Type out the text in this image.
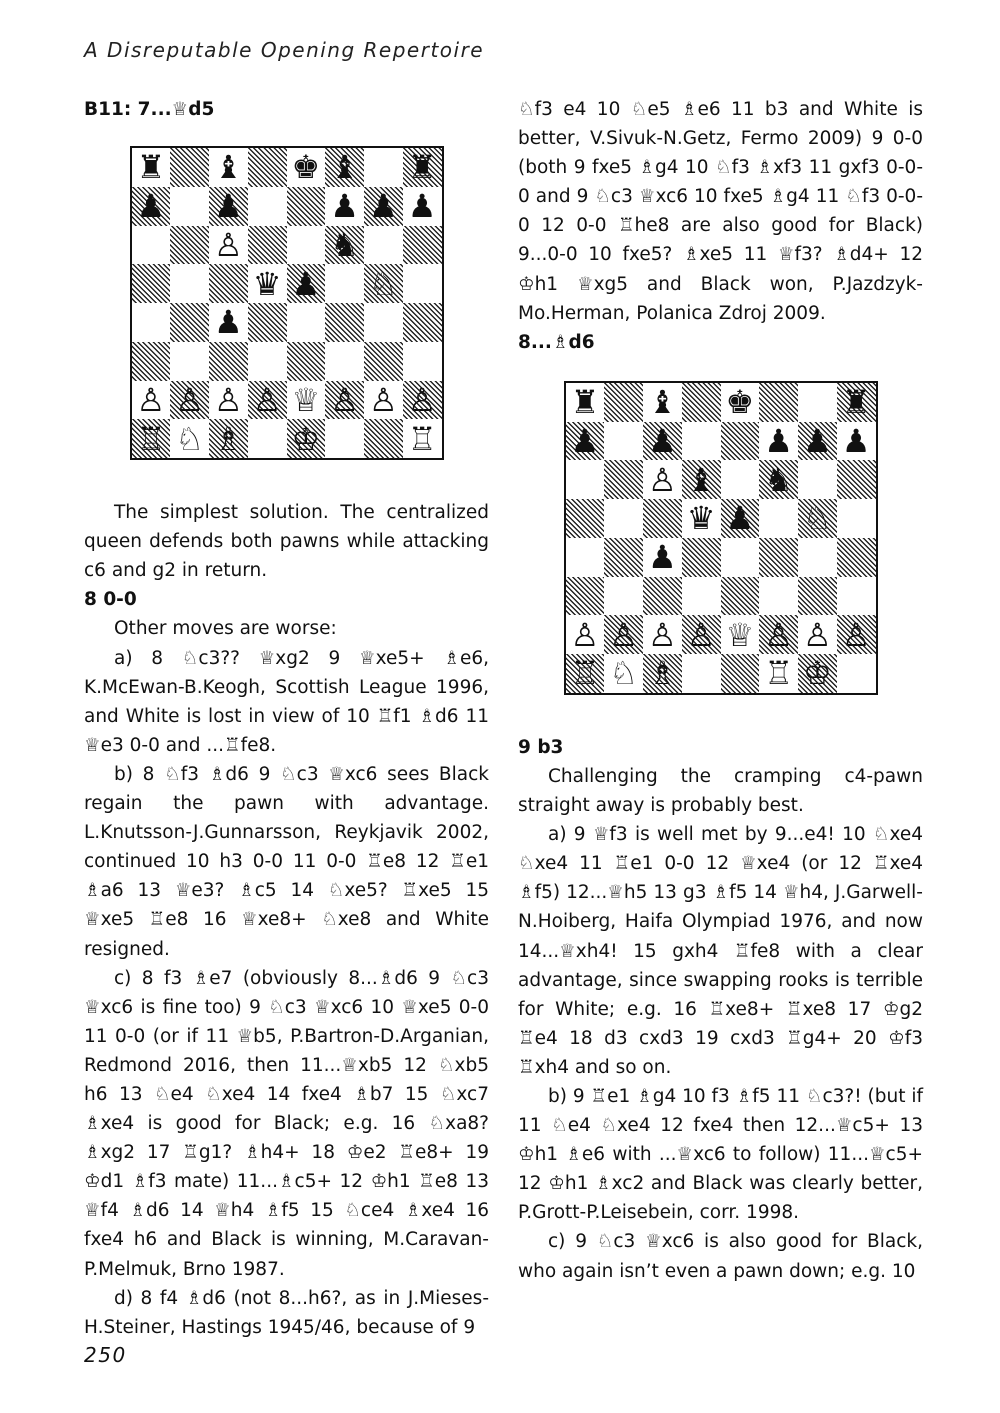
A Disreputable Opening Repertoire

B11: 7...♕d5

♜ ♝ ♚ ♝ ♜
♟ ♟	♟ ♟ ♟
♙	♞
♛ ♟ ♘
♟
♙ ♙ ♙ ♙ ♕ ♙ ♙ ♙
♖ ♘ ♗ ♔	♖

The simplest solution. The centralized queen defends both pawns while attacking c6 and g2 in return.

8 0-0

Other moves are worse:

a) 8 ♘c3?? ♕xg2 9 ♕xe5+ ♗e6, K.McEwan-B.Keogh, Scottish League 1996, and White is lost in view of 10 ♖f1 ♗d6 11 ♕e3 0-0 and ...♖fe8.

b) 8 ♘f3 ♗d6 9 ♘c3 ♕xc6 sees Black regain the pawn with advantage. L.Knutsson-J.Gunnarsson, Reykjavik 2002, continued 10 h3 0-0 11 0-0 ♖e8 12 ♖e1 ♗a6 13 ♕e3? ♗c5 14 ♘xe5? ♖xe5 15 ♕xe5 ♖e8 16 ♕xe8+ ♘xe8 and White resigned.

c) 8 f3 ♗e7 (obviously 8...♗d6 9 ♘c3 ♕xc6 is fine too) 9 ♘c3 ♕xc6 10 ♕xe5 0-0 11 0-0 (or if 11 ♕b5, P.Bartron-D.Arganian, Redmond 2016, then 11...♕xb5 12 ♘xb5 h6 13 ♘e4 ♘xe4 14 fxe4 ♗b7 15 ♘xc7 ♗xe4 is good for Black; e.g. 16 ♘xa8? ♗xg2 17 ♖g1? ♗h4+ 18 ♔e2 ♖e8+ 19 ♔d1 ♗f3 mate) 11...♗c5+ 12 ♔h1 ♖e8 13 ♕f4 ♗d6 14 ♕h4 ♗f5 15 ♘ce4 ♗xe4 16 fxe4 h6 and Black is winning, M.Caravan-P.Melmuk, Brno 1987.

d) 8 f4 ♗d6 (not 8...h6?, as in J.Mieses-H.Steiner, Hastings 1945/46, because of 9

♘f3 e4 10 ♘e5 ♗e6 11 b3 and White is better, V.Sivuk-N.Getz, Fermo 2009) 9 0-0 (both 9 fxe5 ♗g4 10 ♘f3 ♗xf3 11 gxf3 0-0-0 and 9 ♘c3 ♕xc6 10 fxe5 ♗g4 11 ♘f3 0-0-0 12 0-0 ♖he8 are also good for Black) 9...0-0 10 fxe5? ♗xe5 11 ♕f3? ♗d4+ 12 ♔h1 ♕xg5 and Black won, P.Jazdzyk-Mo.Herman, Polanica Zdroj 2009.

8...♗d6

♜ ♝ ♚	♜
♟ ♟	♟ ♟ ♟
♙ ♝ ♞
♛ ♟ ♘
♟
♙ ♙ ♙ ♙ ♕ ♙ ♙ ♙
♖ ♘ ♗	♖ ♔

9 b3

Challenging the cramping c4-pawn straight away is probably best.

a) 9 ♕f3 is well met by 9...e4! 10 ♘xe4 ♘xe4 11 ♖e1 0-0 12 ♕xe4 (or 12 ♖xe4 ♗f5) 12...♕h5 13 g3 ♗f5 14 ♕h4, J.Garwell-N.Hoiberg, Haifa Olympiad 1976, and now 14...♕xh4! 15 gxh4 ♖fe8 with a clear advantage, since swapping rooks is terrible for White; e.g. 16 ♖xe8+ ♖xe8 17 ♔g2 ♖e4 18 d3 cxd3 19 cxd3 ♖g4+ 20 ♔f3 ♖xh4 and so on.

b) 9 ♖e1 ♗g4 10 f3 ♗f5 11 ♘c3?! (but if 11 ♘e4 ♘xe4 12 fxe4 then 12...♕c5+ 13 ♔h1 ♗e6 with ...♕xc6 to follow) 11...♕c5+ 12 ♔h1 ♗xc2 and Black was clearly better, P.Grott-P.Leisebein, corr. 1998.

c) 9 ♘c3 ♕xc6 is also good for Black, who again isn’t even a pawn down; e.g. 10

250
